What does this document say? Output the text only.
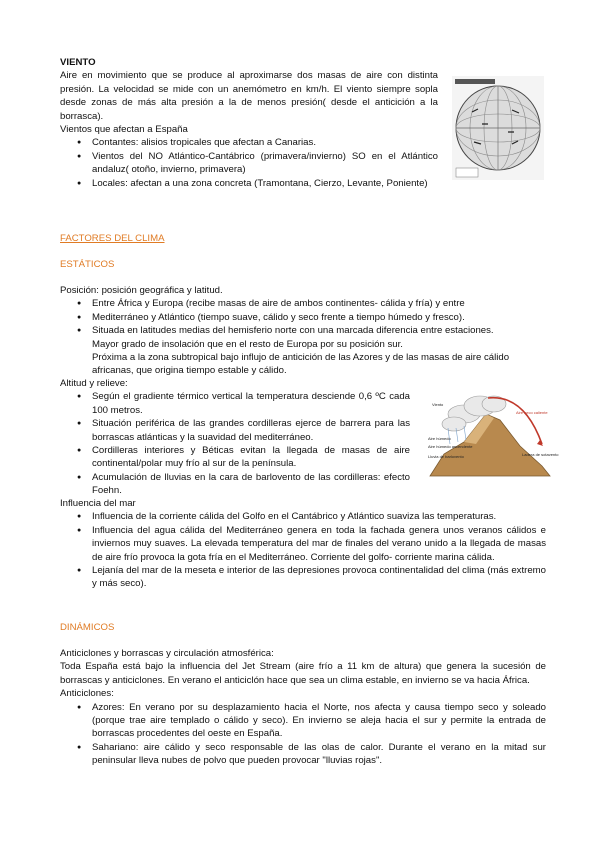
VIENTO
Aire en movimiento que se produce al aproximarse dos masas de aire con distinta presión. La velocidad se mide con un anemómetro en km/h. El viento siempre sopla desde zonas de más alta presión a la de menos presión( desde el anticición a la borrasca).
Vientos que afectan a España
● Contantes: alisios tropicales que afectan a Canarias.
● Vientos del NO Atlántico-Cantábrico (primavera/invierno) SO en el Atlántico andaluz( otoño, invierno, primavera)
● Locales: afectan a una zona concreta (Tramontana, Cierzo, Levante, Poniente)
FACTORES DEL CLIMA
ESTÁTICOS
Posición: posición geográfica y latitud.
● Entre África y Europa (recibe masas de aire de ambos continentes- cálida y fría) y entre
● Mediterráneo y Atlántico (tiempo suave, cálido y seco frente a tiempo húmedo y fresco).
● Situada en latitudes medias del hemisferio norte con una marcada diferencia entre estaciones.
Mayor grado de insolación que en el resto de Europa por su posición sur.
Próxima a la zona subtropical bajo influjo de anticición de las Azores y de las masas de aire cálido africanas, que origina tiempo estable y cálido.
Altitud y relieve:
● Según el gradiente térmico vertical la temperatura desciende 0,6 ºC cada 100 metros.
● Situación periférica de las grandes cordilleras ejerce de barrera para las borrascas atlánticas y la suavidad del mediterráneo.
● Cordilleras interiores y Béticas evitan la llegada de masas de aire continental/polar muy frío al sur de la península.
● Acumulación de lluvias en la cara de barlovento de las cordilleras: efecto Foehn.
Viento
Aire húmedo
Aire seco caliente
Aire húmedo ascendente
Lluvia de barlovento	Ladera de sotavento
Influencia del mar
● Influencia de la corriente cálida del Golfo en el Cantábrico y Atlántico suaviza las temperaturas.
● Influencia del agua cálida del Mediterráneo genera en toda la fachada genera unos veranos cálidos e inviernos muy suaves. La elevada temperatura del mar de finales del verano unido a la llegada de masas de aire frío provoca la gota fría en el Mediterráneo. Corriente del golfo- corriente marina cálida.
● Lejanía del mar de la meseta e interior de las depresiones provoca continentalidad del clima (más extremo y más seco).
DINÁMICOS
Anticiclones y borrascas y circulación atmosférica:
Toda España está bajo la influencia del Jet Stream (aire frío a 11 km de altura) que genera la sucesión de borrascas y anticiclones. En verano el anticiclón hace que sea un clima estable, en invierno se va hacia África.
Anticiclones:
● Azores: En verano por su desplazamiento hacia el Norte, nos afecta y causa tiempo seco y soleado (porque trae aire templado o cálido y seco). En invierno se aleja hacia el sur y permite la entrada de borrascas procedentes del oeste en España.
● Sahariano: aire cálido y seco responsable de las olas de calor. Durante el verano en la mitad sur peninsular lleva nubes de polvo que pueden provocar "lluvias rojas".
